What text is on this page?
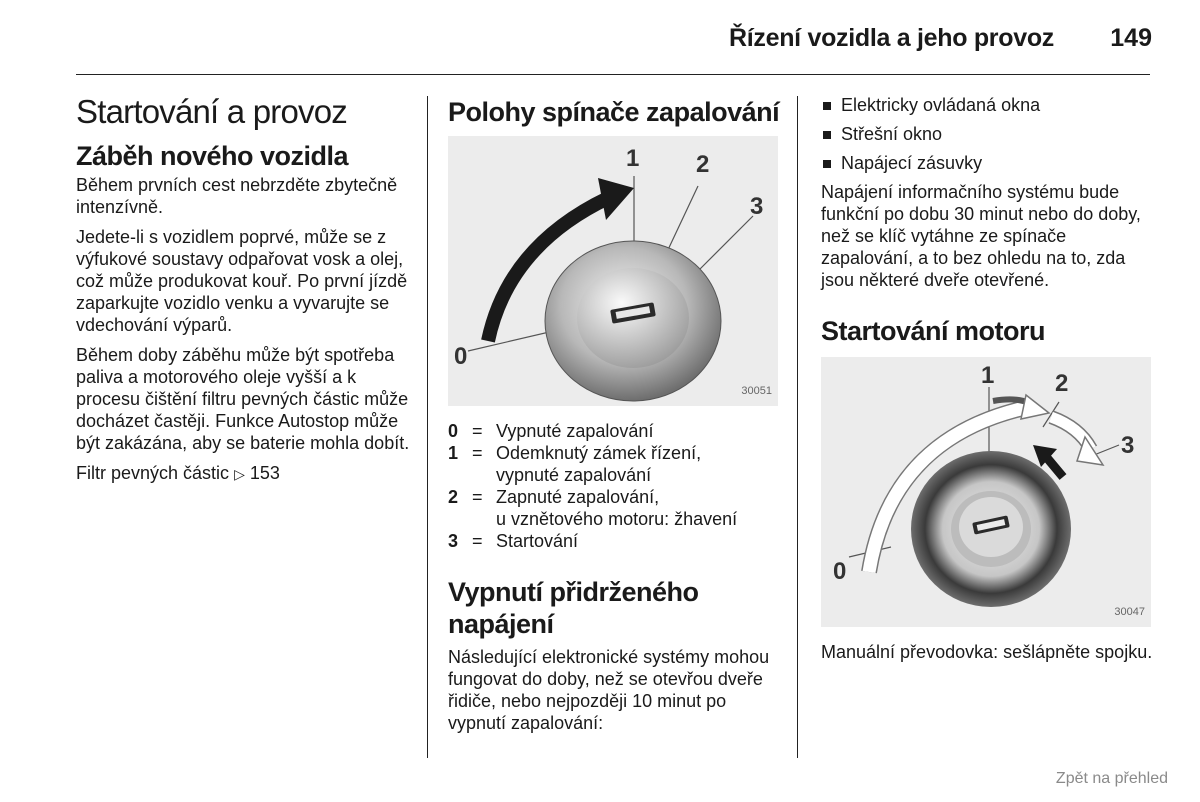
Řízení vozidla a jeho provoz 149
Startování a provoz
Záběh nového vozidla

Během prvních cest nebrzděte zbytečně intenzívně.

Jedete-li s vozidlem poprvé, může se z výfukové soustavy odpařovat vosk a olej, což může produkovat kouř. Po první jízdě zaparkujte vozidlo venku a vyvarujte se vdechování výparů.

Během doby záběhu může být spotřeba paliva a motorového oleje vyšší a k procesu čištění filtru pevných částic může docházet častěji. Funkce Autostop může být zakázána, aby se baterie mohla dobít.

Filtr pevných částic ▷ 153

Polohy spínače zapalování
0
1 2
3
30051
0 = Vypnuté zapalování
1 = Odemknutý zámek řízení,
vypnuté zapalování
2 = Zapnuté zapalování,
u vznětového motoru: žhavení
3 = Startování
Vypnutí přidrženého napájení

Následující elektronické systémy mohou fungovat do doby, než se otevřou dveře řidiče, nebo nejpozději 10 minut po vypnutí zapalování:

Elektricky ovládaná okna
Střešní okno
Napájecí zásuvky

Napájení informačního systému bude funkční po dobu 30 minut nebo do doby, než se klíč vytáhne ze spínače zapalování, a to bez ohledu na to, zda jsou některé dveře otevřené.

Startování motoru
0
1	2
3
30047

Manuální převodovka: sešlápněte spojku.

Zpět na přehled
